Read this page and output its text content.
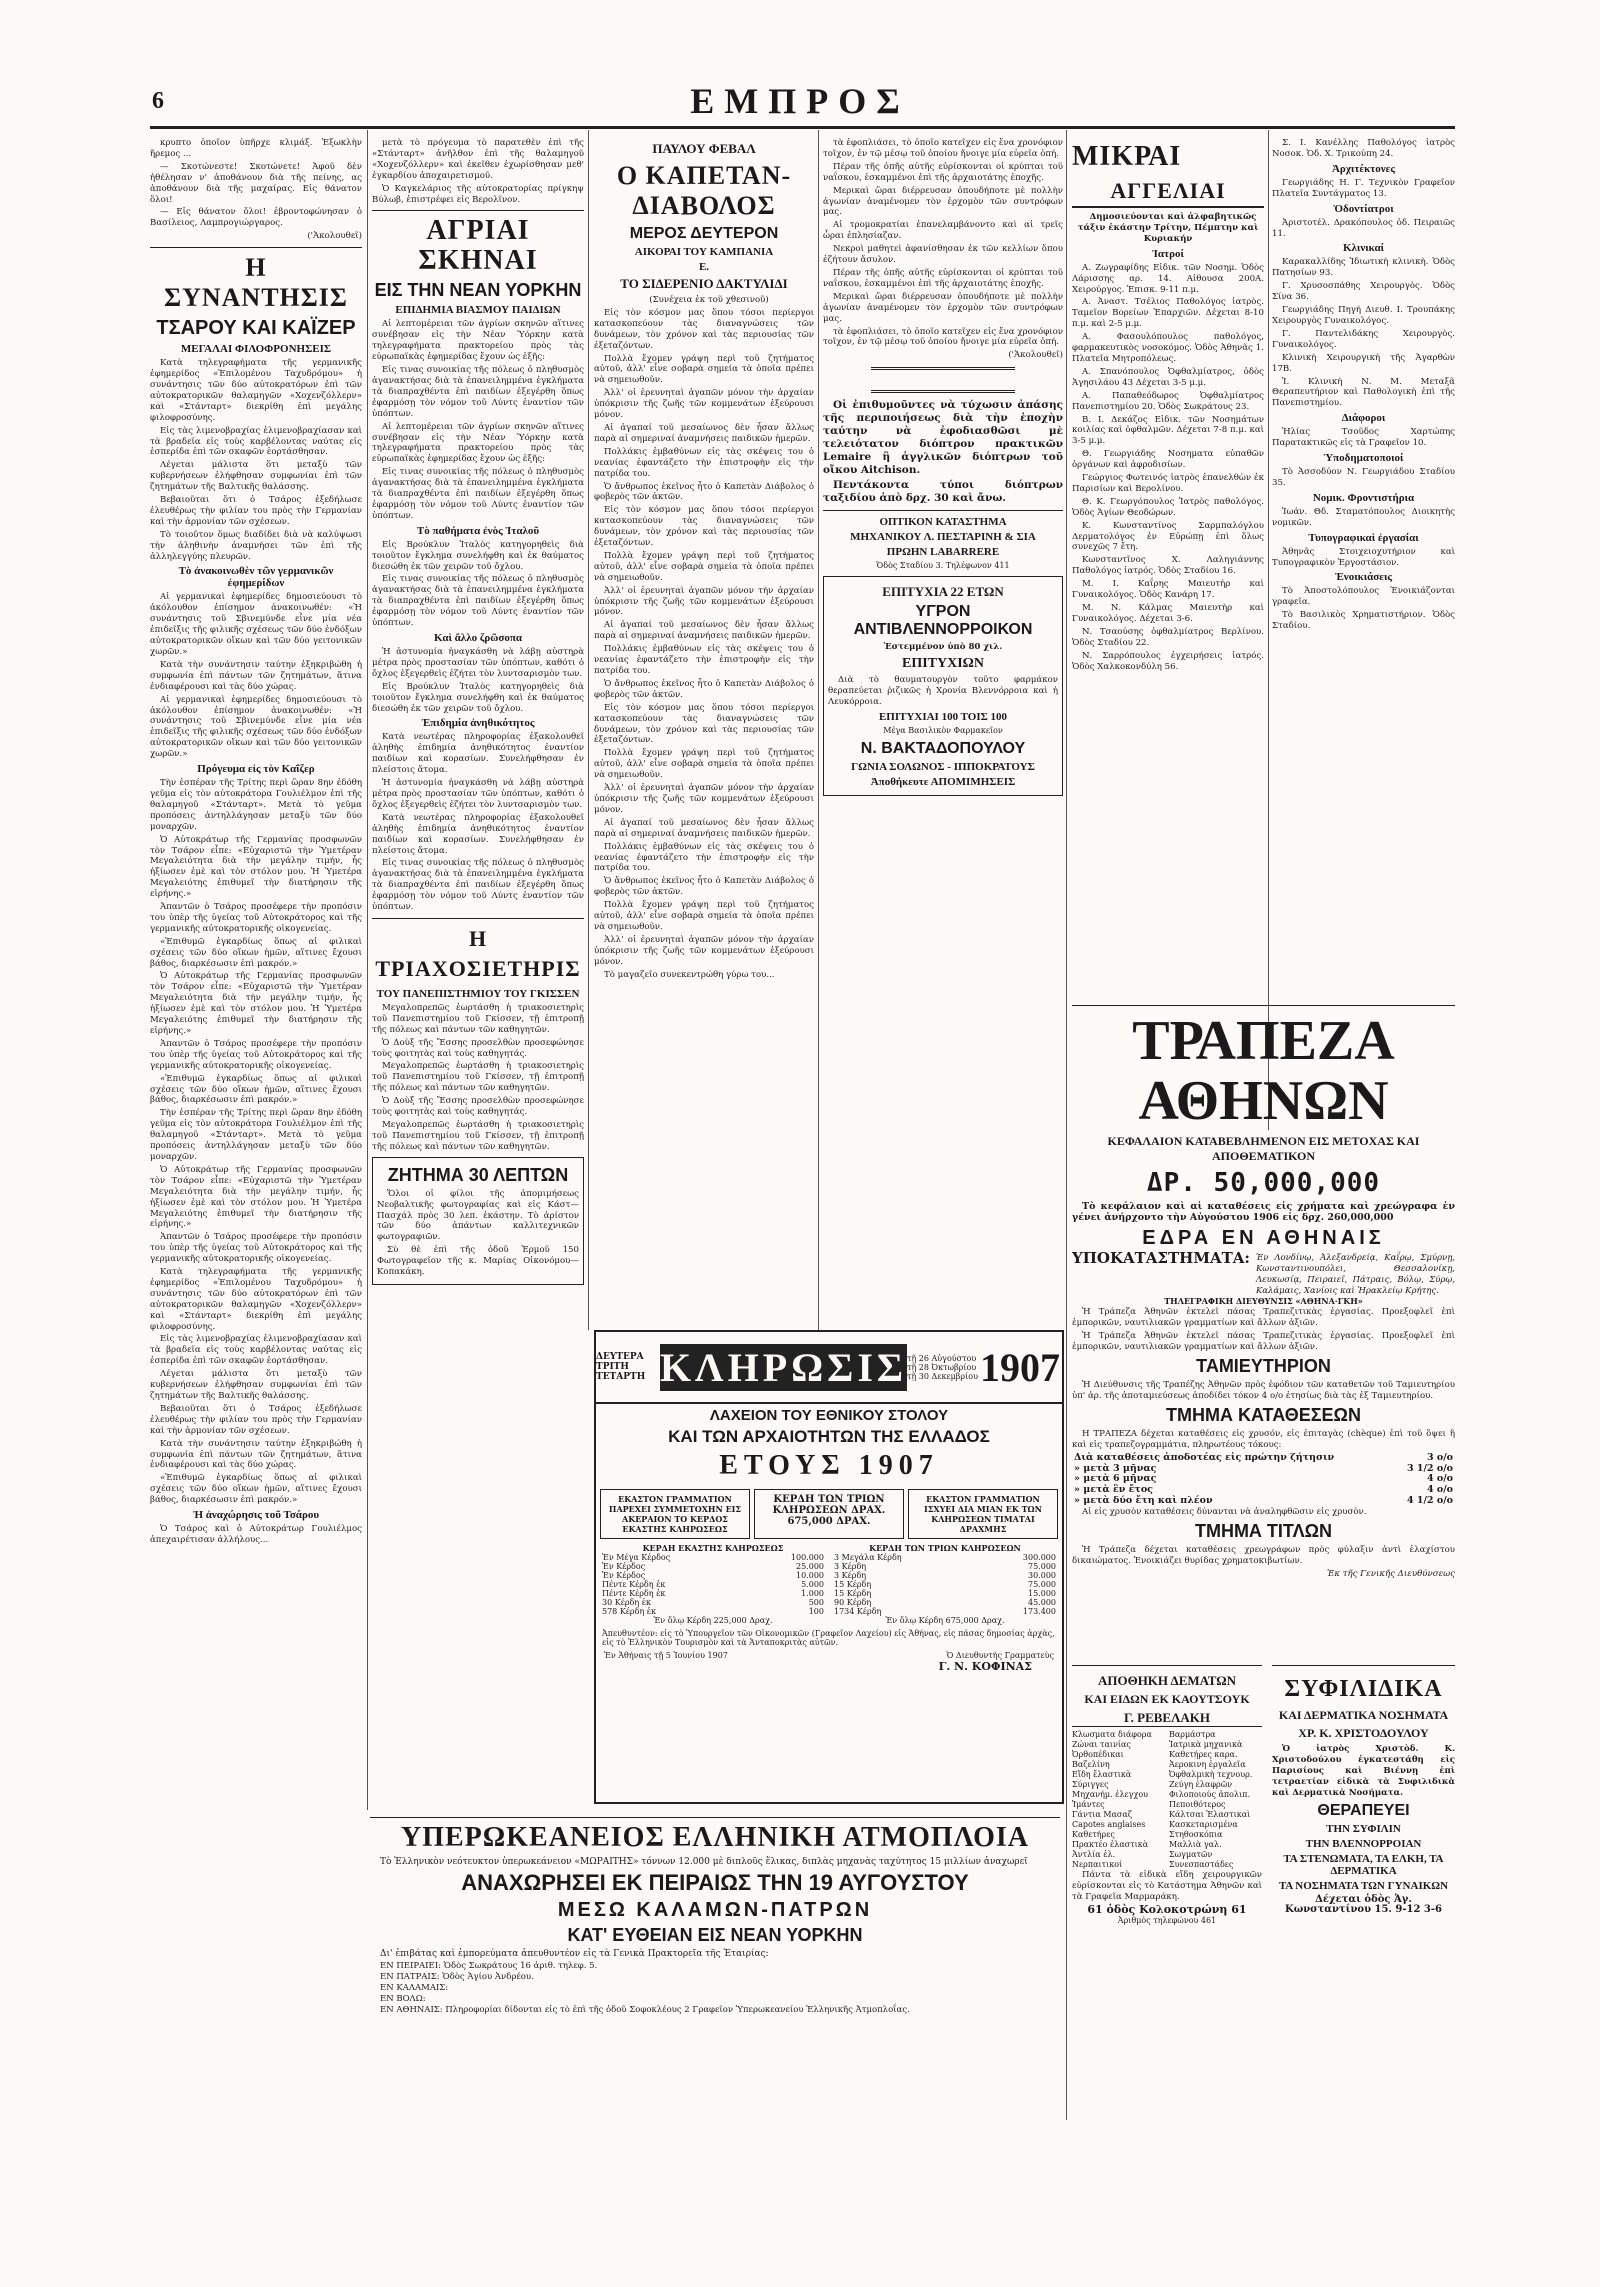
6	ΕΜΠΡΟΣ

κρυπτο ὁποῖον ὑπῆρχε κλιμάξ. Ἐξωκλὴν ἤρεμος ...

— Σκοτώνεστε! Σκοτώνετε! Ἀφοῦ δὲν ἠθέλησαν ν' ἀποθάνουν διὰ τῆς πείνης, ας ἀποθάνουν διὰ τῆς μαχαίρας. Εἰς θάνατον ὅλοι!

— Εἰς θάνατον ὅλοι! ἐβροντοφώνησαν ὁ Βασίλειος, Λαμπρογιώργαρος.

('Ἀκολουθεῖ)

Η ΣΥΝΑΝΤΗΣΙΣ
ΤΣΑΡΟΥ ΚΑΙ ΚΑΪΖΕΡ
ΜΕΓΑΛΑΙ ΦΙΛΟΦΡΟΝΗΣΕΙΣ

Κατὰ τηλεγραφήματα τῆς γερμανικῆς ἐφημερίδος «Ἐπιλομένου Ταχυδρόμου» ἡ συνάντησις τῶν δύο αὐτοκρατόρων ἐπὶ τῶν αὐτοκρατορικῶν θαλαμηγῶν «Χοχενζόλλερν» καὶ «Στάνταρτ» διεκρίθη ἐπὶ μεγάλης φιλοφροσύνης.

Εἰς τὰς λιμενοβραχίας ἐλιμενοβραχίασαν καὶ τὰ βραδεῖα εἰς τοὺς καρβέλοντας ναύτας εἰς ἑσπερίδα ἐπὶ τῶν σκαφῶν ἑορτάσθησαν.

Λέγεται μάλιστα ὅτι μεταξὺ τῶν κυβερνήσεων ἐλήφθησαν συμφωνίαι ἐπὶ τῶν ζητημάτων τῆς Βαλτικῆς θαλάσσης.

Βεβαιοῦται ὅτι ὁ Τσάρος ἐξεδήλωσε ἐλευθέρως τὴν φιλίαν του πρὸς τὴν Γερμανίαν καὶ τὴν ἀρμονίαν τῶν σχέσεων.

Τὸ τοιοῦτον ὅμως διαδίδει διὰ νὰ καλύψωσι τὴν ἀληθινὴν ἀναμνήσει τῶν ἐπὶ τῆς ἀλληλεγγύης πλευρῶν.

Τὸ ἀνακοινωθὲν τῶν γερμανικῶν ἐφημερίδων

Αἱ γερμανικαὶ ἐφημερίδες δημοσιεύουσι τὸ ἀκόλουθον ἐπίσημον ἀνακοινωθέν: «Ἡ συνάντησις τοῦ Σβινεμύνδε εἶνε μία νέα ἐπιδεῖξις τῆς φιλικῆς σχέσεως τῶν δύο ἐνδόξων αὐτοκρατορικῶν οἴκων καὶ τῶν δύο γειτονικῶν χωρῶν.»

Κατὰ τὴν συνάντησιν ταύτην ἐξηκριβώθη ἡ συμφωνία ἐπὶ πάντων τῶν ζητημάτων, ἅτινα ἐνδιαφέρουσι καὶ τὰς δύο χώρας.

Αἱ γερμανικαὶ ἐφημερίδες δημοσιεύουσι τὸ ἀκόλουθον ἐπίσημον ἀνακοινωθέν: «Ἡ συνάντησις τοῦ Σβινεμύνδε εἶνε μία νέα ἐπιδεῖξις τῆς φιλικῆς σχέσεως τῶν δύο ἐνδόξων αὐτοκρατορικῶν οἴκων καὶ τῶν δύο γειτονικῶν χωρῶν.»

Πρόγευμα εἰς τὸν Καΐζερ

Τὴν ἐσπέραν τῆς Τρίτης περὶ ὥραν 8ην ἐδόθη γεῦμα εἰς τὸν αὐτοκράτορα Γουλιέλμον ἐπὶ τῆς θαλαμηγοῦ «Στάνταρτ». Μετὰ τὸ γεῦμα προπόσεις ἀντηλλάγησαν μεταξὺ τῶν δύο μοναρχῶν.

Ὁ Αὐτοκράτωρ τῆς Γερμανίας προσφωνῶν τὸν Τσάρον εἶπε: «Εὐχαριστῶ τὴν Ὑμετέραν Μεγαλειότητα διὰ τὴν μεγάλην τιμήν, ἧς ἠξίωσεν ἐμὲ καὶ τὸν στόλον μου. Ἡ Ὑμετέρα Μεγαλειότης ἐπιθυμεῖ τὴν διατήρησιν τῆς εἰρήνης.»

Ἀπαντῶν ὁ Τσάρος προσέφερε τὴν προπόσιν του ὑπὲρ τῆς ὑγείας τοῦ Αὐτοκράτορος καὶ τῆς γερμανικῆς αὐτοκρατορικῆς οἰκογενείας.

«Ἐπιθυμῶ ἐγκαρδίως ὅπως αἱ φιλικαὶ σχέσεις τῶν δύο οἴκων ἡμῶν, αἵτινες ἔχουσι βάθος, διαρκέσωσιν ἐπὶ μακρόν.»

Ὁ Αὐτοκράτωρ τῆς Γερμανίας προσφωνῶν τὸν Τσάρον εἶπε: «Εὐχαριστῶ τὴν Ὑμετέραν Μεγαλειότητα διὰ τὴν μεγάλην τιμήν, ἧς ἠξίωσεν ἐμὲ καὶ τὸν στόλον μου. Ἡ Ὑμετέρα Μεγαλειότης ἐπιθυμεῖ τὴν διατήρησιν τῆς εἰρήνης.»

Ἀπαντῶν ὁ Τσάρος προσέφερε τὴν προπόσιν του ὑπὲρ τῆς ὑγείας τοῦ Αὐτοκράτορος καὶ τῆς γερμανικῆς αὐτοκρατορικῆς οἰκογενείας.

«Ἐπιθυμῶ ἐγκαρδίως ὅπως αἱ φιλικαὶ σχέσεις τῶν δύο οἴκων ἡμῶν, αἵτινες ἔχουσι βάθος, διαρκέσωσιν ἐπὶ μακρόν.»

Τὴν ἐσπέραν τῆς Τρίτης περὶ ὥραν 8ην ἐδόθη γεῦμα εἰς τὸν αὐτοκράτορα Γουλιέλμον ἐπὶ τῆς θαλαμηγοῦ «Στάνταρτ». Μετὰ τὸ γεῦμα προπόσεις ἀντηλλάγησαν μεταξὺ τῶν δύο μοναρχῶν.

Ὁ Αὐτοκράτωρ τῆς Γερμανίας προσφωνῶν τὸν Τσάρον εἶπε: «Εὐχαριστῶ τὴν Ὑμετέραν Μεγαλειότητα διὰ τὴν μεγάλην τιμήν, ἧς ἠξίωσεν ἐμὲ καὶ τὸν στόλον μου. Ἡ Ὑμετέρα Μεγαλειότης ἐπιθυμεῖ τὴν διατήρησιν τῆς εἰρήνης.»

Ἀπαντῶν ὁ Τσάρος προσέφερε τὴν προπόσιν του ὑπὲρ τῆς ὑγείας τοῦ Αὐτοκράτορος καὶ τῆς γερμανικῆς αὐτοκρατορικῆς οἰκογενείας.

Κατὰ τηλεγραφήματα τῆς γερμανικῆς ἐφημερίδος «Ἐπιλομένου Ταχυδρόμου» ἡ συνάντησις τῶν δύο αὐτοκρατόρων ἐπὶ τῶν αὐτοκρατορικῶν θαλαμηγῶν «Χοχενζόλλερν» καὶ «Στάνταρτ» διεκρίθη ἐπὶ μεγάλης φιλοφροσύνης.

Εἰς τὰς λιμενοβραχίας ἐλιμενοβραχίασαν καὶ τὰ βραδεῖα εἰς τοὺς καρβέλοντας ναύτας εἰς ἑσπερίδα ἐπὶ τῶν σκαφῶν ἑορτάσθησαν.

Λέγεται μάλιστα ὅτι μεταξὺ τῶν κυβερνήσεων ἐλήφθησαν συμφωνίαι ἐπὶ τῶν ζητημάτων τῆς Βαλτικῆς θαλάσσης.

Βεβαιοῦται ὅτι ὁ Τσάρος ἐξεδήλωσε ἐλευθέρως τὴν φιλίαν του πρὸς τὴν Γερμανίαν καὶ τὴν ἀρμονίαν τῶν σχέσεων.

Κατὰ τὴν συνάντησιν ταύτην ἐξηκριβώθη ἡ συμφωνία ἐπὶ πάντων τῶν ζητημάτων, ἅτινα ἐνδιαφέρουσι καὶ τὰς δύο χώρας.

«Ἐπιθυμῶ ἐγκαρδίως ὅπως αἱ φιλικαὶ σχέσεις τῶν δύο οἴκων ἡμῶν, αἵτινες ἔχουσι βάθος, διαρκέσωσιν ἐπὶ μακρόν.»

Ἡ ἀναχώρησις τοῦ Τσάρου

Ὁ Τσάρος καὶ ὁ Αὐτοκράτωρ Γουλιέλμος ἀπεχαιρέτισαν ἀλλήλους...

μετὰ τὸ πρόγευμα τὸ παρατεθὲν ἐπὶ τῆς «Στάνταρτ» ἀνῆλθον ἐπὶ τῆς θαλαμηγοῦ «Χοχενζόλλερν» καὶ ἐκεῖθεν ἐχωρίσθησαν μεθ' ἐγκαρδίου ἀποχαιρετισμοῦ.

Ὁ Καγκελάριος τῆς αὐτοκρατορίας πρίγκηψ Βύλωβ, ἐπιστρέφει εἰς Βερολῖνον.

ΑΓΡΙΑΙ ΣΚΗΝΑΙ
ΕΙΣ ΤΗΝ ΝΕΑΝ ΥΟΡΚΗΝ
ΕΠΙΔΗΜΙΑ ΒΙΑΣΜΟΥ ΠΑΙΔΙΩΝ

Αἱ λεπτομέρειαι τῶν ἀγρίων σκηνῶν αἵτινες συνέβησαν εἰς τὴν Νέαν Ὑόρκην κατὰ τηλεγραφήματα πρακτορείου πρὸς τὰς εὐρωπαϊκὰς ἐφημερίδας ἔχουν ὡς ἑξῆς:

Εἰς τινας συνοικίας τῆς πόλεως ὁ πληθυσμὸς ἀγανακτήσας διὰ τὰ ἐπανειλημμένα ἐγκλήματα τὰ διαπραχθέντα ἐπὶ παιδίων ἐξεγέρθη ὅπως ἐφαρμόσῃ τὸν νόμον τοῦ Λύντς ἐναντίον τῶν ὑπόπτων.

Αἱ λεπτομέρειαι τῶν ἀγρίων σκηνῶν αἵτινες συνέβησαν εἰς τὴν Νέαν Ὑόρκην κατὰ τηλεγραφήματα πρακτορείου πρὸς τὰς εὐρωπαϊκὰς ἐφημερίδας ἔχουν ὡς ἑξῆς:

Εἰς τινας συνοικίας τῆς πόλεως ὁ πληθυσμὸς ἀγανακτήσας διὰ τὰ ἐπανειλημμένα ἐγκλήματα τὰ διαπραχθέντα ἐπὶ παιδίων ἐξεγέρθη ὅπως ἐφαρμόσῃ τὸν νόμον τοῦ Λύντς ἐναντίον τῶν ὑπόπτων.

Τὸ παθήματα ἐνὸς Ἰταλοῦ

Εἰς Βρούκλυν Ἰταλὸς κατηγορηθεὶς διὰ τοιοῦτον ἔγκλημα συνελήφθη καὶ ἐκ θαύματος διεσώθη ἐκ τῶν χειρῶν τοῦ ὄχλου.

Εἰς τινας συνοικίας τῆς πόλεως ὁ πληθυσμὸς ἀγανακτήσας διὰ τὰ ἐπανειλημμένα ἐγκλήματα τὰ διαπραχθέντα ἐπὶ παιδίων ἐξεγέρθη ὅπως ἐφαρμόσῃ τὸν νόμον τοῦ Λύντς ἐναντίον τῶν ὑπόπτων.

Καὶ ἄλλο ζρῶσοπα

Ἡ ἀστυνομία ἠναγκάσθη νὰ λάβῃ αὐστηρὰ μέτρα πρὸς προστασίαν τῶν ὑπόπτων, καθότι ὁ ὄχλος ἐξεγερθεὶς ἐζήτει τὸν λυντσαρισμὸν των.

Εἰς Βρούκλυν Ἰταλὸς κατηγορηθεὶς διὰ τοιοῦτον ἔγκλημα συνελήφθη καὶ ἐκ θαύματος διεσώθη ἐκ τῶν χειρῶν τοῦ ὄχλου.

Ἐπιδημία ἀνηθικότητος

Κατὰ νεωτέρας πληροφορίας ἐξακολουθεῖ ἀληθὴς ἐπιδημία ἀνηθικότητος ἐναντίον παιδίων καὶ κορασίων. Συνελήφθησαν ἐν πλείστοις ἄτομα.

Ἡ ἀστυνομία ἠναγκάσθη νὰ λάβῃ αὐστηρὰ μέτρα πρὸς προστασίαν τῶν ὑπόπτων, καθότι ὁ ὄχλος ἐξεγερθεὶς ἐζήτει τὸν λυντσαρισμὸν των.

Κατὰ νεωτέρας πληροφορίας ἐξακολουθεῖ ἀληθὴς ἐπιδημία ἀνηθικότητος ἐναντίον παιδίων καὶ κορασίων. Συνελήφθησαν ἐν πλείστοις ἄτομα.

Εἰς τινας συνοικίας τῆς πόλεως ὁ πληθυσμὸς ἀγανακτήσας διὰ τὰ ἐπανειλημμένα ἐγκλήματα τὰ διαπραχθέντα ἐπὶ παιδίων ἐξεγέρθη ὅπως ἐφαρμόσῃ τὸν νόμον τοῦ Λύντς ἐναντίον τῶν ὑπόπτων.

Η ΤΡΙΑΧΟΣΙΕΤΗΡΙΣ
ΤΟΥ ΠΑΝΕΠΙΣΤΗΜΙΟΥ ΤΟΥ ΓΚΙΣΣΕΝ

Μεγαλοπρεπῶς ἑωρτάσθη ἡ τριακοσιετηρὶς τοῦ Πανεπιστημίου τοῦ Γκίσσεν, τῇ ἐπιτροπῇ τῆς πόλεως καὶ πάντων τῶν καθηγητῶν.

Ὁ Δοὺξ τῆς Ἔσσης προσελθὼν προσεφώνησε τοὺς φοιτητὰς καὶ τοὺς καθηγητάς.

Μεγαλοπρεπῶς ἑωρτάσθη ἡ τριακοσιετηρὶς τοῦ Πανεπιστημίου τοῦ Γκίσσεν, τῇ ἐπιτροπῇ τῆς πόλεως καὶ πάντων τῶν καθηγητῶν.

Ὁ Δοὺξ τῆς Ἔσσης προσελθὼν προσεφώνησε τοὺς φοιτητὰς καὶ τοὺς καθηγητάς.

Μεγαλοπρεπῶς ἑωρτάσθη ἡ τριακοσιετηρὶς τοῦ Πανεπιστημίου τοῦ Γκίσσεν, τῇ ἐπιτροπῇ τῆς πόλεως καὶ πάντων τῶν καθηγητῶν.

ΖΗΤΗΜΑ 30 ΛΕΠΤΩΝ

Ὅλοι οἱ φίλοι τῆς ἀπομιμήσεως Νεοβαλτικῆς φωτογραφίας καὶ εἰς Κάστ—Πασχάλ πρὸς 30 λεπ. ἑκάστην. Τὸ ἀρίστον τῶν δύο ἀπάντων καλλιτεχνικῶν φωτογραφιῶν.

Σὺ θὲ ἐπὶ τῆς ὁδοῦ Ἑρμοῦ 150 Φωτογραφεῖον τῆς κ. Μαρίας Οἰκονόμου—Κοπακάκη.

ΠΑΥΛΟΥ ΦΕΒΑΛ
Ο ΚΑΠΕΤΑΝ-ΔΙΑΒΟΛΟΣ
ΜΕΡΟΣ ΔΕΥΤΕΡΟΝ
ΑΙΚΟΡΑΙ ΤΟΥ ΚΑΜΠΑΝΙΑ
Ε.
ΤΟ ΣΙΔΕΡΕΝΙΟ ΔΑΚΤΥΛΙΔΙ

(Συνέχεια ἐκ τοῦ χθεσινοῦ)

Εἰς τὸν κόσμον μας ὅπου τόσοι περίεργοι κατασκοπεύουν τὰς διαναγνώσεις τῶν δυνάμεων, τὸν χρόνον καὶ τὰς περιουσίας τῶν ἐξεταζόντων.

Πολλὰ ἔχομεν γράψη περὶ τοῦ ζητήματος αὐτοῦ, ἀλλ' εἶνε σοβαρὰ σημεία τὰ ὁποῖα πρέπει νὰ σημειωθοῦν.

Ἀλλ' οἱ ἐρευνηταὶ ἀγαπῶν μόνον τὴν ἀρχαίαν ὑπόκρισιν τῆς ζωῆς τῶν κομμενάτων ἐξεύρουσι μόνον.

Αἱ ἀγαπαί τοῦ μεσαίωνος δὲν ἦσαν ἄλλως παρὰ αἱ σημεριναί ἀναμνήσεις παιδικῶν ἡμερῶν.

Πολλάκις ἐμβαθύνων εἰς τὰς σκέψεις του ὁ νεανίας ἐφαντάζετο τὴν ἐπιστροφὴν εἰς τὴν πατρίδα του.

Ὁ ἄνθρωπος ἐκεῖνος ἦτο ὁ Καπετὰν Διάβολος ὁ φοβερὸς τῶν ἀκτῶν.

Εἰς τὸν κόσμον μας ὅπου τόσοι περίεργοι κατασκοπεύουν τὰς διαναγνώσεις τῶν δυνάμεων, τὸν χρόνον καὶ τὰς περιουσίας τῶν ἐξεταζόντων.

Πολλὰ ἔχομεν γράψη περὶ τοῦ ζητήματος αὐτοῦ, ἀλλ' εἶνε σοβαρὰ σημεία τὰ ὁποῖα πρέπει νὰ σημειωθοῦν.

Ἀλλ' οἱ ἐρευνηταὶ ἀγαπῶν μόνον τὴν ἀρχαίαν ὑπόκρισιν τῆς ζωῆς τῶν κομμενάτων ἐξεύρουσι μόνον.

Αἱ ἀγαπαί τοῦ μεσαίωνος δὲν ἦσαν ἄλλως παρὰ αἱ σημεριναί ἀναμνήσεις παιδικῶν ἡμερῶν.

Πολλάκις ἐμβαθύνων εἰς τὰς σκέψεις του ὁ νεανίας ἐφαντάζετο τὴν ἐπιστροφὴν εἰς τὴν πατρίδα του.

Ὁ ἄνθρωπος ἐκεῖνος ἦτο ὁ Καπετὰν Διάβολος ὁ φοβερὸς τῶν ἀκτῶν.

Εἰς τὸν κόσμον μας ὅπου τόσοι περίεργοι κατασκοπεύουν τὰς διαναγνώσεις τῶν δυνάμεων, τὸν χρόνον καὶ τὰς περιουσίας τῶν ἐξεταζόντων.

Πολλὰ ἔχομεν γράψη περὶ τοῦ ζητήματος αὐτοῦ, ἀλλ' εἶνε σοβαρὰ σημεία τὰ ὁποῖα πρέπει νὰ σημειωθοῦν.

Ἀλλ' οἱ ἐρευνηταὶ ἀγαπῶν μόνον τὴν ἀρχαίαν ὑπόκρισιν τῆς ζωῆς τῶν κομμενάτων ἐξεύρουσι μόνον.

Αἱ ἀγαπαί τοῦ μεσαίωνος δὲν ἦσαν ἄλλως παρὰ αἱ σημεριναί ἀναμνήσεις παιδικῶν ἡμερῶν.

Πολλάκις ἐμβαθύνων εἰς τὰς σκέψεις του ὁ νεανίας ἐφαντάζετο τὴν ἐπιστροφὴν εἰς τὴν πατρίδα του.

Ὁ ἄνθρωπος ἐκεῖνος ἦτο ὁ Καπετὰν Διάβολος ὁ φοβερὸς τῶν ἀκτῶν.

Πολλὰ ἔχομεν γράψη περὶ τοῦ ζητήματος αὐτοῦ, ἀλλ' εἶνε σοβαρὰ σημεία τὰ ὁποῖα πρέπει νὰ σημειωθοῦν.

Ἀλλ' οἱ ἐρευνηταὶ ἀγαπῶν μόνον τὴν ἀρχαίαν ὑπόκρισιν τῆς ζωῆς τῶν κομμενάτων ἐξεύρουσι μόνον.

Τὸ μαγαζεῖο συνεκεντρώθη γύρω του...

τὰ ἐφοπλιάσει, τὸ ὁποῖο κατεῖχεν εἰς ἕνα χρονόφιον τοῖχον, ἐν τῷ μέσῳ τοῦ ὁποίου ἤνοιγε μία εὐρεῖα ὀπή.

Πέραν τῆς ὀπῆς αὐτῆς εὑρίσκονται οἱ κρύπται τοῦ ναΐσκου, ἐσκαμμένοι ἐπὶ τῆς ἀρχαιοτάτης ἐποχῆς.

Μερικαὶ ὥραι διέρρευσαν ὁπουδήποτε μὲ πολλὴν ἀγωνίαν ἀναμένομεν τὸν ἐρχομὸν τῶν συντρόφων μας.

Αἱ τρομοκρατίαι ἐπανελαμβάνοντο καὶ αἱ τρεῖς ὧραι ἐπλησίαζαν.

Νεκροὶ μαθητεὶ ἀφανίσθησαν ἐκ τῶν κελλίων ὅπου ἐζήτουν ἄσυλον.

Πέραν τῆς ὀπῆς αὐτῆς εὑρίσκονται οἱ κρύπται τοῦ ναΐσκου, ἐσκαμμένοι ἐπὶ τῆς ἀρχαιοτάτης ἐποχῆς.

Μερικαὶ ὥραι διέρρευσαν ὁπουδήποτε μὲ πολλὴν ἀγωνίαν ἀναμένομεν τὸν ἐρχομὸν τῶν συντρόφων μας.

τὰ ἐφοπλιάσει, τὸ ὁποῖο κατεῖχεν εἰς ἕνα χρονόφιον τοῖχον, ἐν τῷ μέσῳ τοῦ ὁποίου ἤνοιγε μία εὐρεῖα ὀπή.

('Ἀκολουθεῖ)

Οἱ ἐπιθυμοῦντες νὰ τύχωσιν ἀπάσης τῆς περιποιήσεως διὰ τὴν ἐποχὴν ταύτην νὰ ἐφοδιασθῶσι μὲ τελειότατον διόπτρον πρακτικῶν Lemaire ἢ ἀγγλικῶν διόπτρων τοῦ οἴκου Aitchison.

Πεντάκοντα τύποι διόπτρων ταξιδίου ἀπὸ δρχ. 30 καὶ ἄνω.

ΟΠΤΙΚΟΝ ΚΑΤΑΣΤΗΜΑ
ΜΗΧΑΝΙΚΟΥ Λ. ΠΕΣΤΑΡΙΝΗ & ΣΙΑ
ΠΡΩΗΝ LABARRERE
Ὁδὸς Σταδίου 3. Τηλέφωνον 411
ΕΠΙΤΥΧΙΑ 22 ΕΤΩΝ
ΥΓΡΟΝ ΑΝΤΙΒΛΕΝΝΟΡΡΟΙΚΟΝ
Ἐστεμμένον ὑπὸ 80 χιλ.
ΕΠΙΤΥΧΙΩΝ

Διὰ τὸ θαυματουργὸν τοῦτο φαρμάκον θεραπεύεται ῥιζικῶς ἡ Χρονία Βλεννόρροια καὶ ἡ Λευκόρροια.

ΕΠΙΤΥΧΙΑΙ 100 ΤΟΙΣ 100
Μέγα Βασιλικὸν Φαρμακεῖον
Ν. ΒΑΚΤΑΔΟΠΟΥΛΟΥ
ΓΩΝΙΑ ΣΟΛΩΝΟΣ - ΙΠΠΟΚΡΑΤΟΥΣ
Ἀποθήκευτε ΑΠΟΜΙΜΗΣΕΙΣ
ΔΕΥΤΕΡΑ
ΤΡΙΤΗ
ΤΕΤΑΡΤΗ ΚΛΗΡΩΣΙΣ τῇ 26 Αὐγούστου
τῇ 28 Ὀκτωβρίου
τῇ 30 Δεκεμβρίου 1907
ΛΑΧΕΙΟΝ ΤΟΥ ΕΘΝΙΚΟΥ ΣΤΟΛΟΥ
ΚΑΙ ΤΩΝ ΑΡΧΑΙΟΤΗΤΩΝ ΤΗΣ ΕΛΛΑΔΟΣ
ΕΤΟΥΣ 1907
ΕΚΑΣΤΟΝ ΓΡΑΜΜΑΤΙΟΝ ΠΑΡΕΧΕΙ ΣΥΜΜΕΤΟΧΗΝ ΕΙΣ ΑΚΕΡΑΙΟΝ ΤΟ ΚΕΡΔΟΣ ΕΚΑΣΤΗΣ ΚΛΗΡΩΣΕΩΣ
ΚΕΡΔΗ ΤΩΝ ΤΡΙΩΝ ΚΛΗΡΩΣΕΩΝ ΔΡΑΧ. 675,000 ΔΡΑΧ.
ΕΚΑΣΤΟΝ ΓΡΑΜΜΑΤΙΟΝ ΙΣΧΥΕΙ ΔΙΑ ΜΙΑΝ ΕΚ ΤΩΝ ΚΛΗΡΩΣΕΩΝ ΤΙΜΑΤΑΙ ΔΡΑΧΜΗΣ
ΚΕΡΔΗ ΕΚΑΣΤΗΣ ΚΛΗΡΩΣΕΩΣ
Ἐν Μέγα Κέρδος	100.000
Ἐν Κέρδος	25.000
Ἐν Κέρδος	10.000
Πέντε Κέρδη ἐκ	5.000
Πέντε Κέρδη ἐκ	1.000
30 Κέρδη ἐκ	500
578 Κέρδη ἐκ	100
Ἐν ὅλῳ Κέρδη 225,000 Δραχ.
ΚΕΡΔΗ ΤΩΝ ΤΡΙΩΝ ΚΛΗΡΩΣΕΩΝ
3 Μεγάλα Κέρδη	300.000
3 Κέρδη	75.000
3 Κέρδη	30.000
15 Κέρδη	75.000
15 Κέρδη	15.000
90 Κέρδη	45.000
1734 Κέρδη	173.400
Ἐν ὅλῳ Κέρδη 675,000 Δραχ.

Ἀπευθυντέον: εἰς τὸ Ὑπουργεῖον τῶν Οἰκονομικῶν (Γραφεῖον Λαχείου) εἰς Ἀθήνας, εἰς πάσας δημοσίας ἀρχὰς, εἰς τὸ Ἑλληνικὸν Τουρισμὸν καὶ τὰ Ἀνταποκριτὰς αὐτῶν.

Ἐν Ἀθήναις τῇ 5 Ἰουνίου 1907	Ὁ Διευθυντὴς Γραμματεὺς
Γ. Ν. ΚΟΦΙΝΑΣ
ΥΠΕΡΩΚΕΑΝΕΙΟΣ ΕΛΛΗΝΙΚΗ ΑΤΜΟΠΛΟΙΑ

Τὸ Ἑλληνικὸν νεότευκτον ὑπερωκεάνειον «ΜΩΡΑΙΤΗΣ» τόννων 12.000 μὲ διπλοῦς ἕλικας, διπλὰς μηχανὰς ταχύτητος 15 μιλλίων ἀναχωρεῖ

ΑΝΑΧΩΡΗΣΕΙ ΕΚ ΠΕΙΡΑΙΩΣ ΤΗΝ 19 ΑΥΓΟΥΣΤΟΥ
ΜΕΣΩ ΚΑΛΑΜΩΝ-ΠΑΤΡΩΝ
ΚΑΤ' ΕΥΘΕΙΑΝ ΕΙΣ ΝΕΑΝ ΥΟΡΚΗΝ

Δι' ἐπιβάτας καὶ ἐμπορεύματα ἀπευθυντέον εἰς τὰ Γενικὰ Πρακτορεῖα τῆς Ἑταιρίας:

ΕΝ ΠΕΙΡΑΙΕΙ: Ὁδὸς Σωκράτους 16 ἀριθ. τηλεφ. 5.
ΕΝ ΠΑΤΡΑΙΣ: Ὁδὸς Ἀγίου Ἀνδρέου.
ΕΝ ΚΑΛΑΜΑΙΣ:
ΕΝ ΒΟΛΩ:
ΕΝ ΑΘΗΝΑΙΣ: Πληροφορίαι δίδονται εἰς τὸ ἐπὶ τῆς ὁδοῦ Σοφοκλέους 2 Γραφεῖον Ὑπερωκεανείου Ἑλληνικῆς Ἀτμοπλοΐας.
ΜΙΚΡΑΙ
ΑΓΓΕΛΙΑΙ

Δημοσιεύονται καὶ ἀλφαβητικῶς τάξιν ἑκάστην Τρίτην, Πέμπτην καὶ Κυριακήν

Ἰατροί

Α. Ζωγραφίδης Εἰδικ. τῶν Νοσημ. Ὁδὸς Λάρισσης αρ. 14. Αἰθουσα 200Α. Χειρούργος. Ἐπισκ. 9-11 π.μ.

Α. Ἀναστ. Τσέλιος Παθολόγος ἰατρὸς. Ταμεῖον Βορείων Ἐπαρχιῶν. Δέχεται 8-10 π.μ. καὶ 2-5 μ.μ.

Α. Φασουλόπουλος παθολόγος, φαρμακευτικὸς νοσοκόμος. Ὁδὸς Ἀθηνᾶς 1. Πλατεῖα Μητροπόλεως.

Α. Σπανόπουλος Ὀφθαλμίατρος, ὁδὸς Ἀγησιλάου 43 Δέχεται 3-5 μ.μ.

Α. Παπαθεόδωρος Ὀφθαλμίατρος Πανεπιστημίου 20. Ὁδὸς Σωκράτους 23.

Β. Ι. Δεκάζος Εἰδικ. τῶν Νοσημάτων κοιλίας καὶ ὀφθαλμῶν. Δέχεται 7-8 π.μ. καὶ 3-5 μ.μ.

Θ. Γεωργιάδης Νοσηματα εὐπαθῶν ὀργάνων καὶ ἀφροδισίων.

Γεώργιος Φωτεινός ἰατρὸς ἐπανελθὼν ἐκ Παρισίων καὶ Βερολίνου.

Θ. Κ. Γεωργόπουλος Ἰατρὸς παθολόγος. Ὁδὸς Ἀγίων Θεοδώρων.

Κ. Κωνσταντίνος Σαρμπαλόγλου Δερματολόγος ἐν Εὐρώπῃ ἐπὶ ὅλως συνεχῶς 7 ἔτη.

Κωνσταντῖνος Χ. Λαληγιάννης Παθολόγος ἰατρός. Ὁδὸς Σταδίου 16.

Μ. Ι. Καΐρης Μαιευτὴρ καὶ Γυναικολόγος. Ὁδὸς Κανάρη 17.

Μ. Ν. Κάλμας Μαιευτὴρ καὶ Γυναικολόγος. Δέχεται 3-6.

Ν. Τσαούσης ὀφθαλμίατρος Βερλίνου. Ὁδὸς Σταδίου 22.

Ν. Σαρρόπουλος ἐγχειρήσεις ἰατρός. Ὁδὸς Χαλκοκονδύλη 56.

Σ. Ι. Κανέλλης Παθολόγος ἰατρὸς Νοσοκ. Ὁδ. Χ. Τρικούπη 24.

Ἀρχιτέκτονες

Γεωργιάδης Η. Γ. Τεχνικὸν Γραφεῖον Πλατεῖα Συντάγματος 13.

Ὀδοντίατροι

Ἀριστοτέλ. Δρακόπουλος ὁδ. Πειραιῶς 11.

Κλινικαί

Καρακαλλίδης Ἰδιωτικὴ κλινικὴ. Ὁδὸς Πατησίων 93.

Γ. Χρυσοσπάθης Χειρουργὸς. Ὁδὸς Σίνα 36.

Γεωργιάδης Πηγή Διευθ. Ι. Τρουπάκης Χειρουργὸς Γυναικολόγος.

Γ. Παντελιδάκης Χειρουργὸς. Γυναικολόγος.

Κλινικὴ Χειρουργικὴ τῆς Ἀγαρθὼν 17Β.

Ἰ. Κλινικὴ Ν. Μ. Μεταξᾶ Θεραπευτήριον καὶ Παθολογικὴ ἐπὶ τῆς Πανεπιστημίου.

Διάφοροι

Ἠλίας Τσοῦδος Χαρτώπης Παρατακτικῶς εἰς τὰ Γραφεῖον 10.

Ὑποδηματοποιοί

Τὸ Ἀσσοδύον Ν. Γεωργιάδου Σταδίου 35.

Νομικ. Φροντιστήρια

Ἰωάν. Θδ. Σταματόπουλος Διοικητὴς νομικῶν.

Τυπογραφικαὶ ἐργασίαι

Ἀθηνᾶς Στοιχειοχυτήριον καὶ Τυπογραφικὸν Ἐργοστάσιον.

Ἐνοικιάσεις

Τὸ Ἀποστολόπουλος Ἐνοικιάζονται γραφεῖα.

Τὸ Βασιλικὸς Χρηματιστήριον. Ὁδὸς Σταδίου.

ΤΡΑΠΕΖΑ ΑΘΗΝΩΝ
ΚΕΦΑΛΑΙΟΝ ΚΑΤΑΒΕΒΛΗΜΕΝΟΝ ΕΙΣ ΜΕΤΟΧΑΣ ΚΑΙ ΑΠΟΘΕΜΑΤΙΚΟΝ
ΔΡ. 50,000,000

Τὸ κεφάλαιον καὶ αἱ καταθέσεις εἰς χρήματα καὶ χρεώγραφα ἐν γένει ἀνήρχοντο τὴν Αὐγούστου 1906 εἰς δρχ. 260,000,000

ΕΔΡΑ ΕΝ ΑΘΗΝΑΙΣ
ΥΠΟΚΑΤΑΣΤΗΜΑΤΑ: Ἐν Λονδίνῳ, Ἀλεξανδρείᾳ, Καΐρῳ, Σμύρνῃ, Κωνσταντινουπόλει, Θεσσαλονίκῃ, Λευκωσίᾳ, Πειραιεῖ, Πάτραις, Βόλῳ, Σύρῳ, Καλάμαις, Χανίοις καὶ Ἡρακλείῳ Κρήτης.
ΤΗΛΕΓΡΑΦΙΚΗ ΔΙΕΥΘΥΝΣΙΣ «ΑΘΗΝΑ·ΓΚΗ»

Ἡ Τράπεζα Ἀθηνῶν ἐκτελεῖ πάσας Τραπεζιτικὰς ἐργασίας. Προεξοφλεῖ ἐπὶ ἐμπορικῶν, ναυτιλιακῶν γραμματίων καὶ ἄλλων ἀξιῶν.

Ἡ Τράπεζα Ἀθηνῶν ἐκτελεῖ πάσας Τραπεζιτικὰς ἐργασίας. Προεξοφλεῖ ἐπὶ ἐμπορικῶν, ναυτιλιακῶν γραμματίων καὶ ἄλλων ἀξιῶν.

ΤΑΜΙΕΥΤΗΡΙΟΝ

Ἡ Διεύθυνσις τῆς Τραπέζης Ἀθηνῶν πρὸς ἐφόδιον τῶν καταθετῶν τοῦ Ταμιευτηρίου ὑπ' ἀρ. τῆς ἀποταμιεύσεως ἀποδίδει τόκον 4 ο/ο ἐτησίως διὰ τὰς ἐξ Ταμιευτηρίου.

ΤΜΗΜΑ ΚΑΤΑΘΕΣΕΩΝ

Η ΤΡΑΠΕΖΑ δέχεται καταθέσεις εἰς χρυσόν, εἰς ἐπιταγὰς (chèque) ἐπὶ τοῦ ὅψει ἢ καὶ εἰς τραπεζογραμμάτια, πληρωτέους τόκους:

Διὰ καταθέσεις ἀποδοτέας εἰς πρώτην ζήτησιν	3 ο/ο
» μετὰ 3 μῆνας	3 1/2 ο/ο
» μετὰ 6 μῆνας	4 ο/ο
» μετὰ ἓν ἔτος	4 ο/ο
» μετὰ δύο ἔτη καὶ πλέον	4 1/2 ο/ο

Αἱ εἰς χρυσὸν καταθέσεις δύνανται νὰ ἀναληφθῶσιν εἰς χρυσὸν.

ΤΜΗΜΑ ΤΙΤΛΩΝ

Ἡ Τράπεζα δέχεται καταθέσεις χρεωγράφων πρὸς φύλαξιν ἀντὶ ἐλαχίστου δικαιώματος. Ἐνοικιάζει θυρίδας χρηματοκιβωτίων.

Ἐκ τῆς Γενικῆς Διευθύνσεως

ΑΠΟΘΗΚΗ ΔΕΜΑΤΩΝ
ΚΑΙ ΕΙΔΩΝ ΕΚ ΚΑΟΥΤΣΟΥΚ
Γ. ΡΕΒΕΛΑΚΗ
Κλωσματα διάφορα
Ζώναι ταινίας
Ὀρθοπέδικαι
Βαζελίνη
Εἴδη ἔλαστικὰ
Σύριγγες
Μηχανήμ. ἐλεγχου
Ἱμάντες
Γάντια Μασαζ
Capotes anglaises
Καθετήρες
Πρακτέο ἐλαστικὰ
Ἀντλία ἐλ.
Νερπαιτικοί
Βαρμάστρα
Ἱατρικὰ μηχανικὰ
Καθετήρες καρα.
Ἀεροκινη ἐργαλεῖα
Ὀφθαλμικὴ τεχνουρ.
Ζεύγη ἐλαφρῶν
Φιλοποιοὺς ἀπολιπ.
Πεποιθότερος
Κάλτσαι Ἐλαστικαὶ
Κασκεταρισμένα
Στηθοσκόπια
Μαλλιὰ γαλ.
Σωγματῶν
Συνεσπαστάδες

Πάντα τὰ εἰδικὰ εἴδη χειρουργικῶν εὑρίσκονται εἰς τὸ Κατάστημα Ἀθηνῶν καὶ τὰ Γραφεῖα Μαρμαράκη.

61 ὁδὸς Κολοκοτρώνη 61
Ἀριθμὸς τηλεφώνου 461
ΣΥΦΙΛΙΔΙΚΑ
ΚΑΙ ΔΕΡΜΑΤΙΚΑ ΝΟΣΗΜΑΤΑ
ΧΡ. Κ. ΧΡΙΣΤΟΔΟΥΛΟΥ

Ὁ ἰατρὸς Χριστὸδ. Κ. Χριστοδούλου ἐγκατεστάθη εἰς Παρισίους καὶ Βιέννῃ ἐπὶ τετραετίαν εἰδικὰ τὰ Συφιλιδικὰ καὶ Δερματικὰ Νοσήματα.

ΘΕΡΑΠΕΥΕΙ
ΤΗΝ ΣΥΦΙΛΙΝ
ΤΗΝ ΒΛΕΝΝΟΡΡΟΙΑΝ
ΤΑ ΣΤΕΝΩΜΑΤΑ, ΤΑ ΕΛΚΗ, ΤΑ ΔΕΡΜΑΤΙΚΑ
ΤΑ ΝΟΣΗΜΑΤΑ ΤΩΝ ΓΥΝΑΙΚΩΝ
Δέχεται ὁδὸς Ἁγ. Κωνσταντίνου 15. 9-12 3-6
